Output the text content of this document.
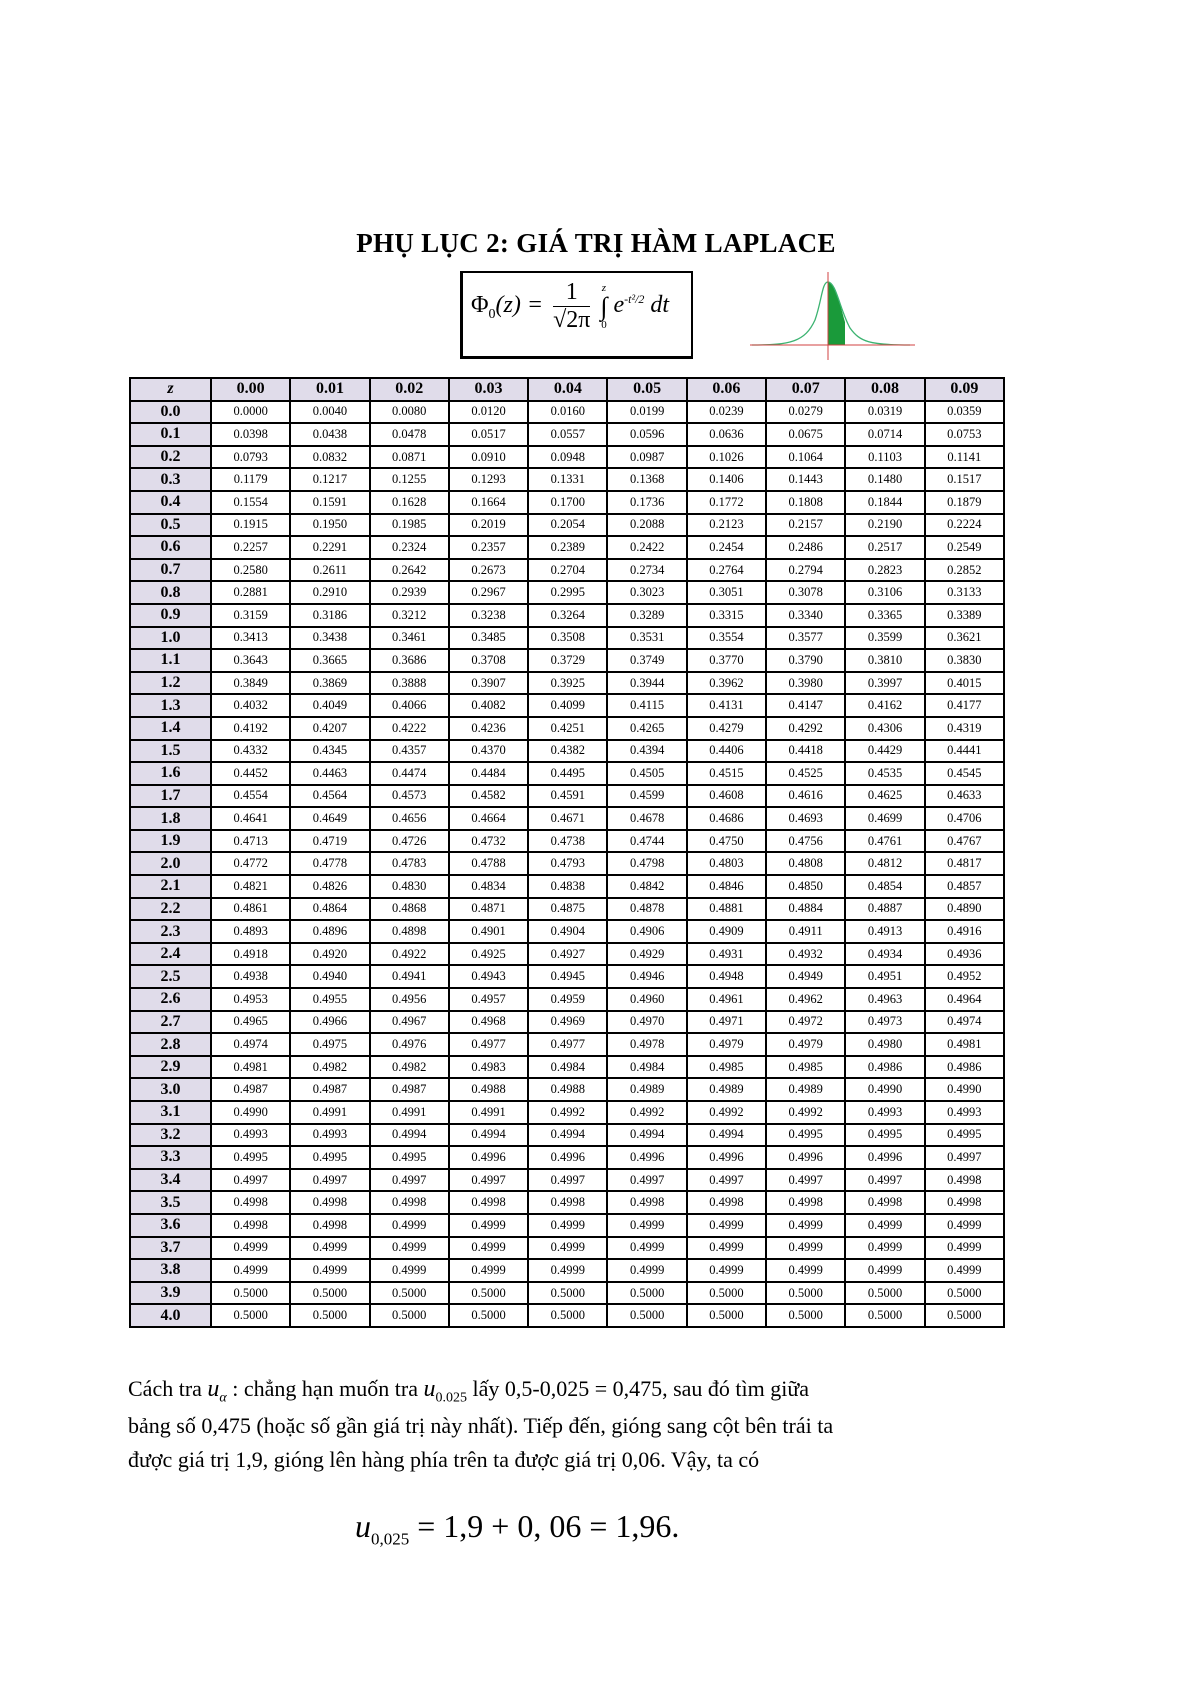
PHỤ LỤC 2: GIÁ TRỊ HÀM LAPLACE
$\Phi_0(z) = \frac{1}{√2\pi}$
z
∫
0
$e^{-t^2/2}$ dt
z	0.00	0.01	0.02	0.03	0.04	0.05	0.06	0.07	0.08	0.09
0.0	0.0000	0.0040	0.0080	0.0120	0.0160	0.0199	0.0239	0.0279	0.0319	0.0359
0.1	0.0398	0.0438	0.0478	0.0517	0.0557	0.0596	0.0636	0.0675	0.0714	0.0753
0.2	0.0793	0.0832	0.0871	0.0910	0.0948	0.0987	0.1026	0.1064	0.1103	0.1141
0.3	0.1179	0.1217	0.1255	0.1293	0.1331	0.1368	0.1406	0.1443	0.1480	0.1517
0.4	0.1554	0.1591	0.1628	0.1664	0.1700	0.1736	0.1772	0.1808	0.1844	0.1879
0.5	0.1915	0.1950	0.1985	0.2019	0.2054	0.2088	0.2123	0.2157	0.2190	0.2224
0.6	0.2257	0.2291	0.2324	0.2357	0.2389	0.2422	0.2454	0.2486	0.2517	0.2549
0.7	0.2580	0.2611	0.2642	0.2673	0.2704	0.2734	0.2764	0.2794	0.2823	0.2852
0.8	0.2881	0.2910	0.2939	0.2967	0.2995	0.3023	0.3051	0.3078	0.3106	0.3133
0.9	0.3159	0.3186	0.3212	0.3238	0.3264	0.3289	0.3315	0.3340	0.3365	0.3389
1.0	0.3413	0.3438	0.3461	0.3485	0.3508	0.3531	0.3554	0.3577	0.3599	0.3621
1.1	0.3643	0.3665	0.3686	0.3708	0.3729	0.3749	0.3770	0.3790	0.3810	0.3830
1.2	0.3849	0.3869	0.3888	0.3907	0.3925	0.3944	0.3962	0.3980	0.3997	0.4015
1.3	0.4032	0.4049	0.4066	0.4082	0.4099	0.4115	0.4131	0.4147	0.4162	0.4177
1.4	0.4192	0.4207	0.4222	0.4236	0.4251	0.4265	0.4279	0.4292	0.4306	0.4319
1.5	0.4332	0.4345	0.4357	0.4370	0.4382	0.4394	0.4406	0.4418	0.4429	0.4441
1.6	0.4452	0.4463	0.4474	0.4484	0.4495	0.4505	0.4515	0.4525	0.4535	0.4545
1.7	0.4554	0.4564	0.4573	0.4582	0.4591	0.4599	0.4608	0.4616	0.4625	0.4633
1.8	0.4641	0.4649	0.4656	0.4664	0.4671	0.4678	0.4686	0.4693	0.4699	0.4706
1.9	0.4713	0.4719	0.4726	0.4732	0.4738	0.4744	0.4750	0.4756	0.4761	0.4767
2.0	0.4772	0.4778	0.4783	0.4788	0.4793	0.4798	0.4803	0.4808	0.4812	0.4817
2.1	0.4821	0.4826	0.4830	0.4834	0.4838	0.4842	0.4846	0.4850	0.4854	0.4857
2.2	0.4861	0.4864	0.4868	0.4871	0.4875	0.4878	0.4881	0.4884	0.4887	0.4890
2.3	0.4893	0.4896	0.4898	0.4901	0.4904	0.4906	0.4909	0.4911	0.4913	0.4916
2.4	0.4918	0.4920	0.4922	0.4925	0.4927	0.4929	0.4931	0.4932	0.4934	0.4936
2.5	0.4938	0.4940	0.4941	0.4943	0.4945	0.4946	0.4948	0.4949	0.4951	0.4952
2.6	0.4953	0.4955	0.4956	0.4957	0.4959	0.4960	0.4961	0.4962	0.4963	0.4964
2.7	0.4965	0.4966	0.4967	0.4968	0.4969	0.4970	0.4971	0.4972	0.4973	0.4974
2.8	0.4974	0.4975	0.4976	0.4977	0.4977	0.4978	0.4979	0.4979	0.4980	0.4981
2.9	0.4981	0.4982	0.4982	0.4983	0.4984	0.4984	0.4985	0.4985	0.4986	0.4986
3.0	0.4987	0.4987	0.4987	0.4988	0.4988	0.4989	0.4989	0.4989	0.4990	0.4990
3.1	0.4990	0.4991	0.4991	0.4991	0.4992	0.4992	0.4992	0.4992	0.4993	0.4993
3.2	0.4993	0.4993	0.4994	0.4994	0.4994	0.4994	0.4994	0.4995	0.4995	0.4995
3.3	0.4995	0.4995	0.4995	0.4996	0.4996	0.4996	0.4996	0.4996	0.4996	0.4997
3.4	0.4997	0.4997	0.4997	0.4997	0.4997	0.4997	0.4997	0.4997	0.4997	0.4998
3.5	0.4998	0.4998	0.4998	0.4998	0.4998	0.4998	0.4998	0.4998	0.4998	0.4998
3.6	0.4998	0.4998	0.4999	0.4999	0.4999	0.4999	0.4999	0.4999	0.4999	0.4999
3.7	0.4999	0.4999	0.4999	0.4999	0.4999	0.4999	0.4999	0.4999	0.4999	0.4999
3.8	0.4999	0.4999	0.4999	0.4999	0.4999	0.4999	0.4999	0.4999	0.4999	0.4999
3.9	0.5000	0.5000	0.5000	0.5000	0.5000	0.5000	0.5000	0.5000	0.5000	0.5000
4.0	0.5000	0.5000	0.5000	0.5000	0.5000	0.5000	0.5000	0.5000	0.5000	0.5000
Cách tra $u_\alpha$ : chẳng hạn muốn tra $u_{0.025}$ lấy 0,5-0,025 = 0,475, sau đó tìm giữa
bảng số 0,475 (hoặc số gần giá trị này nhất). Tiếp đến, gióng sang cột bên trái ta
được giá trị 1,9, gióng lên hàng phía trên ta được giá trị 0,06. Vậy, ta có
$u_{0,025} = 1,9 + 0$, 06 = 1,96.
